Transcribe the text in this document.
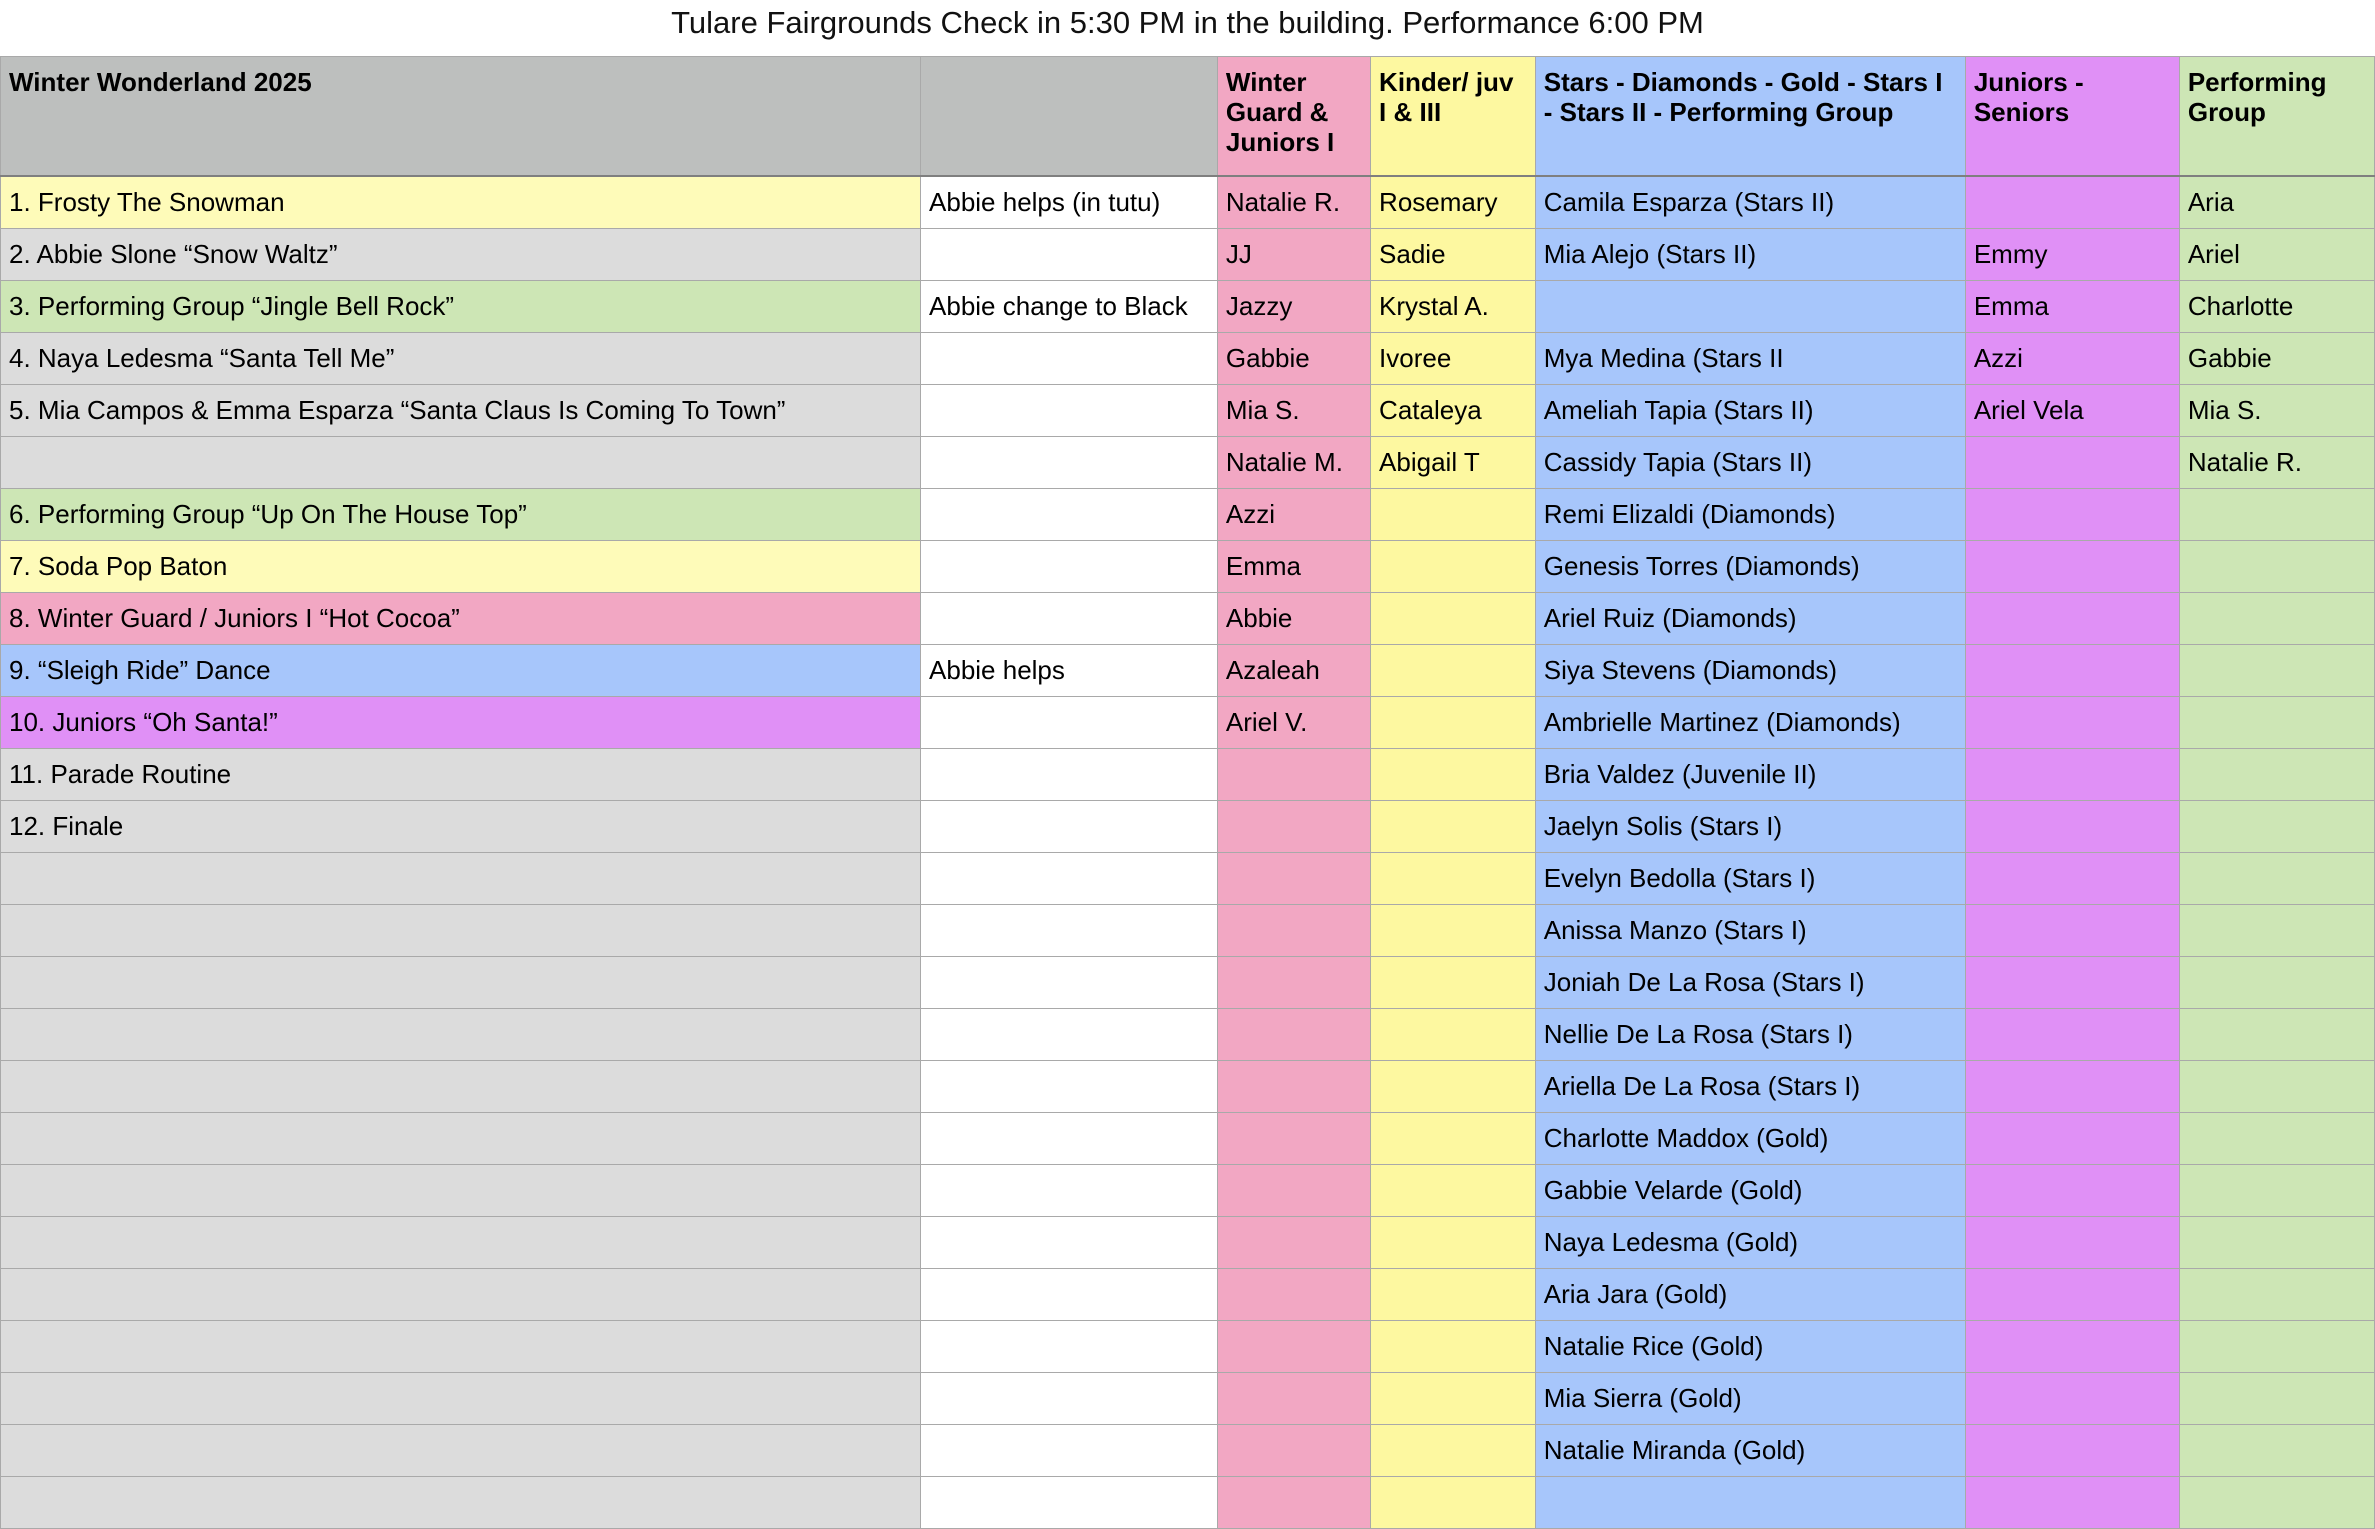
Tulare Fairgrounds Check in 5:30 PM in the building. Performance 6:00 PM
Winter Wonderland 2025		Winter Guard & Juniors I	Kinder/ juv I & III	Stars - Diamonds - Gold - Stars I - Stars II - Performing Group	Juniors - Seniors	Performing Group
1. Frosty The Snowman	Abbie helps (in tutu)	Natalie R.	Rosemary	Camila Esparza (Stars II)		Aria
2. Abbie Slone “Snow Waltz”		JJ	Sadie	Mia Alejo (Stars II)	Emmy	Ariel
3. Performing Group “Jingle Bell Rock”	Abbie change to Black	Jazzy	Krystal A.		Emma	Charlotte
4. Naya Ledesma “Santa Tell Me”		Gabbie	Ivoree	Mya Medina (Stars II	Azzi	Gabbie
5. Mia Campos & Emma Esparza “Santa Claus Is Coming To Town”		Mia S.	Cataleya	Ameliah Tapia (Stars II)	Ariel Vela	Mia S.
		Natalie M.	Abigail T	Cassidy Tapia (Stars II)		Natalie R.
6. Performing Group “Up On The House Top”		Azzi		Remi Elizaldi (Diamonds)		
7. Soda Pop Baton		Emma		Genesis Torres (Diamonds)		
8. Winter Guard / Juniors I “Hot Cocoa”		Abbie		Ariel Ruiz (Diamonds)		
9. “Sleigh Ride” Dance	Abbie helps	Azaleah		Siya Stevens (Diamonds)		
10. Juniors “Oh Santa!”		Ariel V.		Ambrielle Martinez (Diamonds)		
11. Parade Routine				Bria Valdez (Juvenile II)		
12. Finale				Jaelyn Solis (Stars I)		
				Evelyn Bedolla (Stars I)		
				Anissa Manzo (Stars I)		
				Joniah De La Rosa (Stars I)		
				Nellie De La Rosa (Stars I)		
				Ariella De La Rosa (Stars I)		
				Charlotte Maddox (Gold)		
				Gabbie Velarde (Gold)		
				Naya Ledesma (Gold)		
				Aria Jara (Gold)		
				Natalie Rice (Gold)		
				Mia Sierra (Gold)		
				Natalie Miranda (Gold)		
